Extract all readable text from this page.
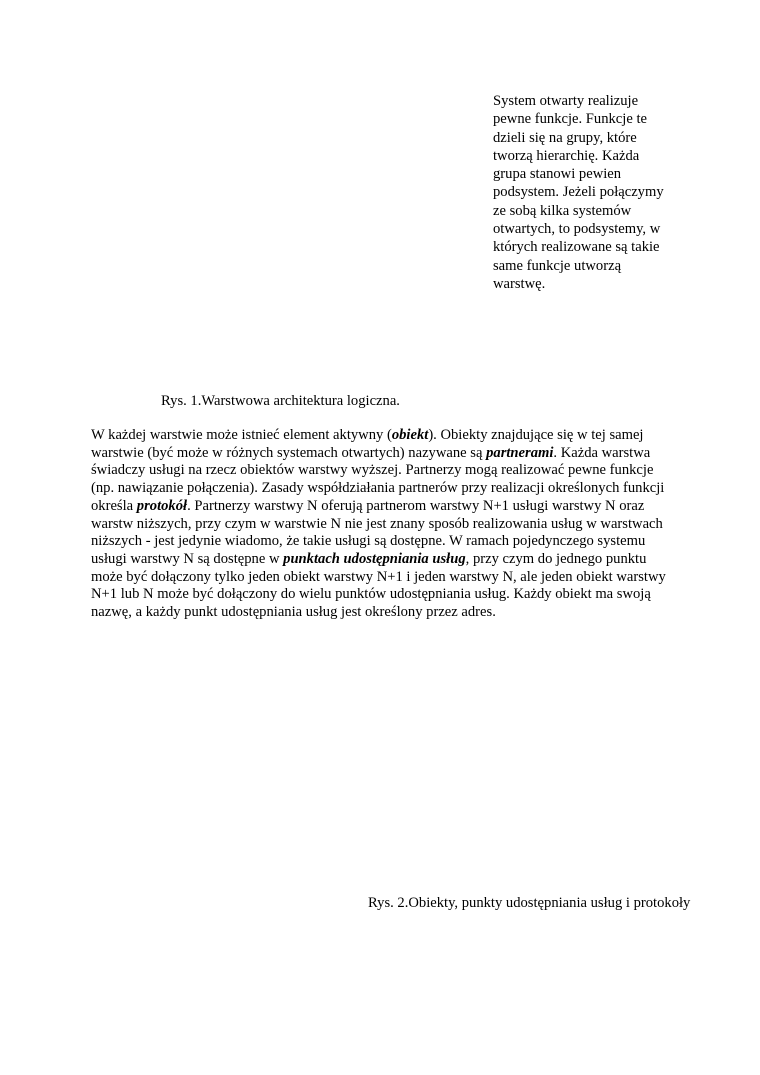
System otwarty realizuje pewne funkcje. Funkcje te dzieli się na grupy, które tworzą hierarchię. Każda grupa stanowi pewien podsystem. Jeżeli połączymy ze sobą kilka systemów otwartych, to podsystemy, w których realizowane są takie same funkcje utworzą warstwę.

Rys. 1.Warstwowa architektura logiczna.

W każdej warstwie może istnieć element aktywny (obiekt). Obiekty znajdujące się w tej samej warstwie (być może w różnych systemach otwartych) nazywane są partnerami. Każda warstwa świadczy usługi na rzecz obiektów warstwy wyższej. Partnerzy mogą realizować pewne funkcje (np. nawiązanie połączenia). Zasady współdziałania partnerów przy realizacji określonych funkcji określa protokół. Partnerzy warstwy N oferują partnerom warstwy N+1 usługi warstwy N oraz warstw niższych, przy czym w warstwie N nie jest znany sposób realizowania usług w warstwach niższych - jest jedynie wiadomo, że takie usługi są dostępne. W ramach pojedynczego systemu usługi warstwy N są dostępne w punktach udostępniania usług, przy czym do jednego punktu może być dołączony tylko jeden obiekt warstwy N+1 i jeden warstwy N, ale jeden obiekt warstwy N+1 lub N może być dołączony do wielu punktów udostępniania usług. Każdy obiekt ma swoją nazwę, a każdy punkt udostępniania usług jest określony przez adres.

Rys. 2.Obiekty, punkty udostępniania usług i protokoły
